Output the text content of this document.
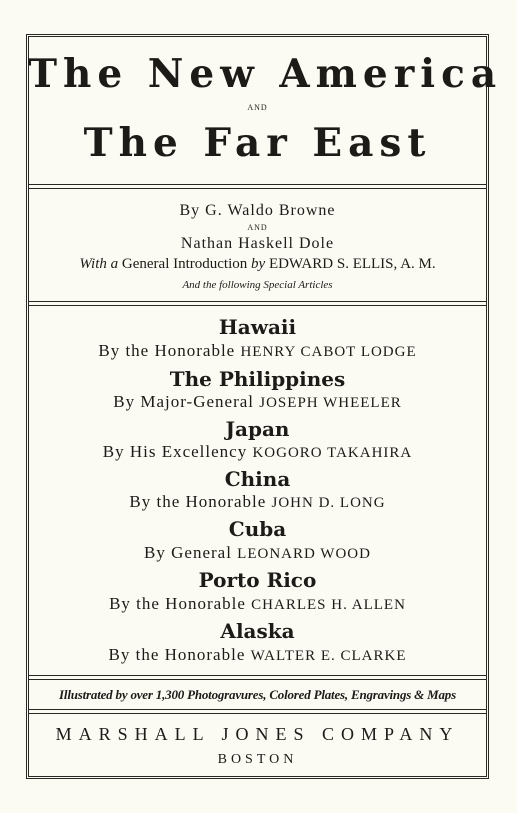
The New America
AND
The Far East
By G. Waldo Browne
AND
Nathan Haskell Dole
With a General Introduction by EDWARD S. ELLIS, A. M.
And the following Special Articles
Hawaii
By the Honorable HENRY CABOT LODGE
The Philippines
By Major-General JOSEPH WHEELER
Japan
By His Excellency KOGORO TAKAHIRA
China
By the Honorable JOHN D. LONG
Cuba
By General LEONARD WOOD
Porto Rico
By the Honorable CHARLES H. ALLEN
Alaska
By the Honorable WALTER E. CLARKE
Illustrated by over 1,300 Photogravures, Colored Plates, Engravings & Maps
MARSHALL JONES COMPANY
BOSTON
